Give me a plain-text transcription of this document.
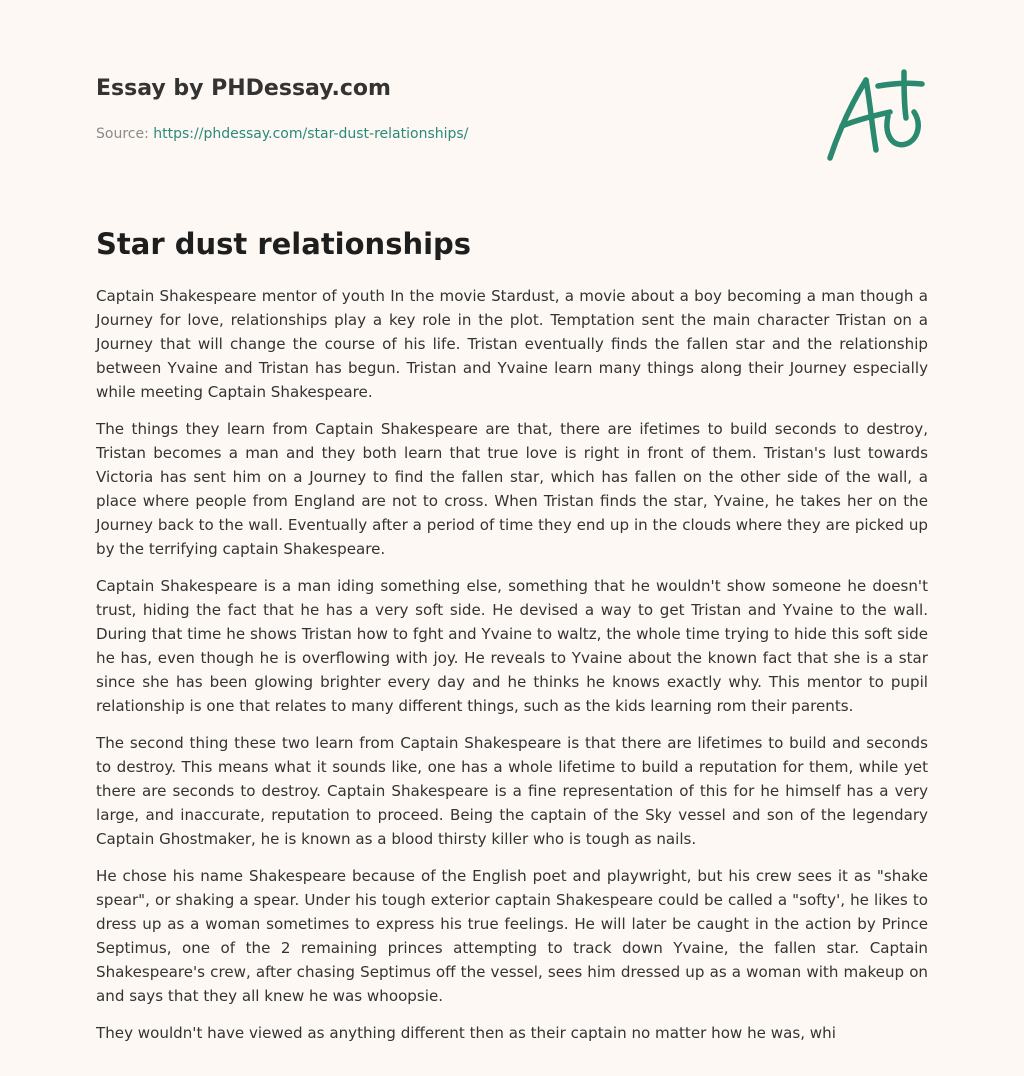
Essay by PHDessay.com
Source: https://phdessay.com/star-dust-relationships/
Star dust relationships

Captain Shakespeare mentor of youth In the movie Stardust, a movie about a boy becoming a man though a Journey for love, relationships play a key role in the plot. Temptation sent the main character Tristan on a Journey that will change the course of his life. Tristan eventually finds the fallen star and the relationship between Yvaine and Tristan has begun. Tristan and Yvaine learn many things along their Journey especially while meeting Captain Shakespeare.

The things they learn from Captain Shakespeare are that, there are ifetimes to build seconds to destroy, Tristan becomes a man and they both learn that true love is right in front of them. Tristan's lust towards Victoria has sent him on a Journey to find the fallen star, which has fallen on the other side of the wall, a place where people from England are not to cross. When Tristan finds the star, Yvaine, he takes her on the Journey back to the wall. Eventually after a period of time they end up in the clouds where they are picked up by the terrifying captain Shakespeare.

Captain Shakespeare is a man iding something else, something that he wouldn't show someone he doesn't trust, hiding the fact that he has a very soft side. He devised a way to get Tristan and Yvaine to the wall. During that time he shows Tristan how to fght and Yvaine to waltz, the whole time trying to hide this soft side he has, even though he is overflowing with joy. He reveals to Yvaine about the known fact that she is a star since she has been glowing brighter every day and he thinks he knows exactly why. This mentor to pupil relationship is one that relates to many different things, such as the kids learning rom their parents.

The second thing these two learn from Captain Shakespeare is that there are lifetimes to build and seconds to destroy. This means what it sounds like, one has a whole lifetime to build a reputation for them, while yet there are seconds to destroy. Captain Shakespeare is a fine representation of this for he himself has a very large, and inaccurate, reputation to proceed. Being the captain of the Sky vessel and son of the legendary Captain Ghostmaker, he is known as a blood thirsty killer who is tough as nails.

He chose his name Shakespeare because of the English poet and playwright, but his crew sees it as "shake spear", or shaking a spear. Under his tough exterior captain Shakespeare could be called a "softy', he likes to dress up as a woman sometimes to express his true feelings. He will later be caught in the action by Prince Septimus, one of the 2 remaining princes attempting to track down Yvaine, the fallen star. Captain Shakespeare's crew, after chasing Septimus off the vessel, sees him dressed up as a woman with makeup on and says that they all knew he was whoopsie.

They wouldn't have viewed as anything different then as their captain no matter how he was, whi
